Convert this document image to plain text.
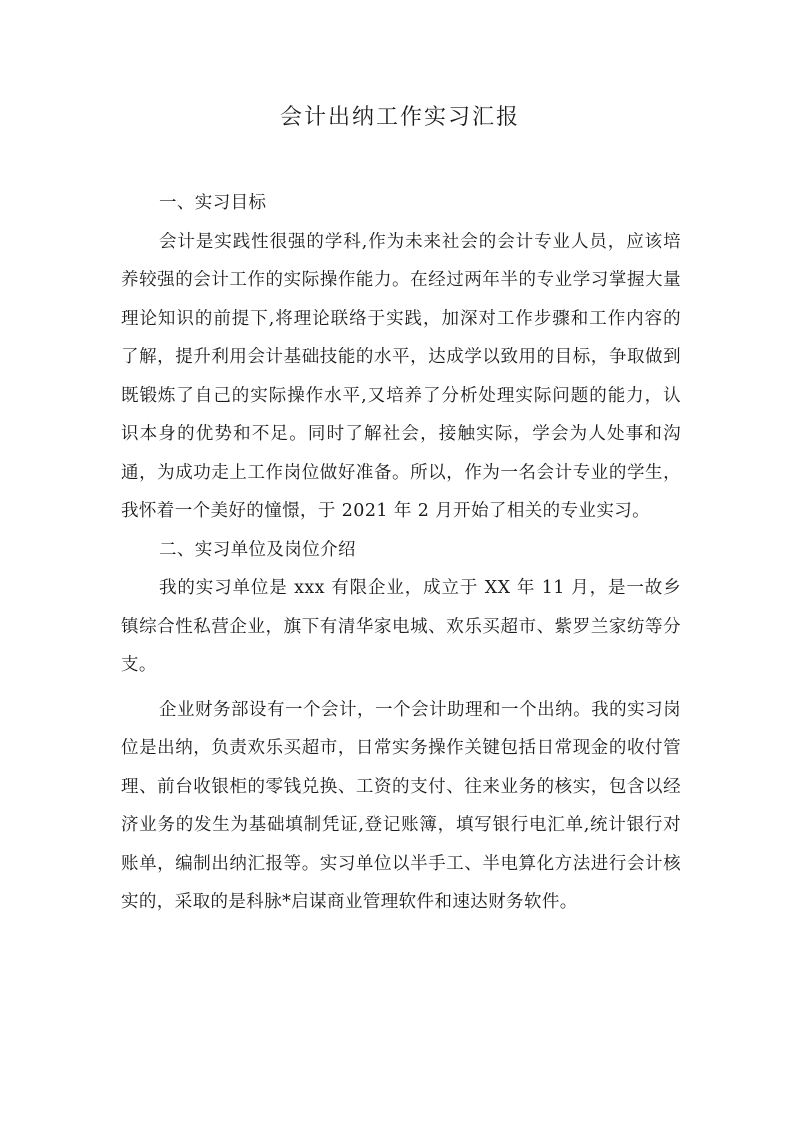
会计出纳工作实习汇报

一、实习目标

会计是实践性很强的学科,作为未来社会的会计专业人员，应该培养较强的会计工作的实际操作能力。在经过两年半的专业学习掌握大量理论知识的前提下,将理论联络于实践，加深对工作步骤和工作内容的了解，提升利用会计基础技能的水平，达成学以致用的目标，争取做到既锻炼了自己的实际操作水平,又培养了分析处理实际问题的能力，认识本身的优势和不足。同时了解社会，接触实际，学会为人处事和沟通，为成功走上工作岗位做好准备。所以，作为一名会计专业的学生，我怀着一个美好的憧憬，于 2021 年 2 月开始了相关的专业实习。

二、实习单位及岗位介绍

我的实习单位是 xxx 有限企业，成立于 XX 年 11 月，是一故乡镇综合性私营企业，旗下有清华家电城、欢乐买超市、紫罗兰家纺等分支。

企业财务部设有一个会计，一个会计助理和一个出纳。我的实习岗位是出纳，负责欢乐买超市，日常实务操作关键包括日常现金的收付管理、前台收银柜的零钱兑换、工资的支付、往来业务的核实，包含以经济业务的发生为基础填制凭证,登记账簿，填写银行电汇单,统计银行对账单，编制出纳汇报等。实习单位以半手工、半电算化方法进行会计核实的，采取的是科脉*启谋商业管理软件和速达财务软件。
